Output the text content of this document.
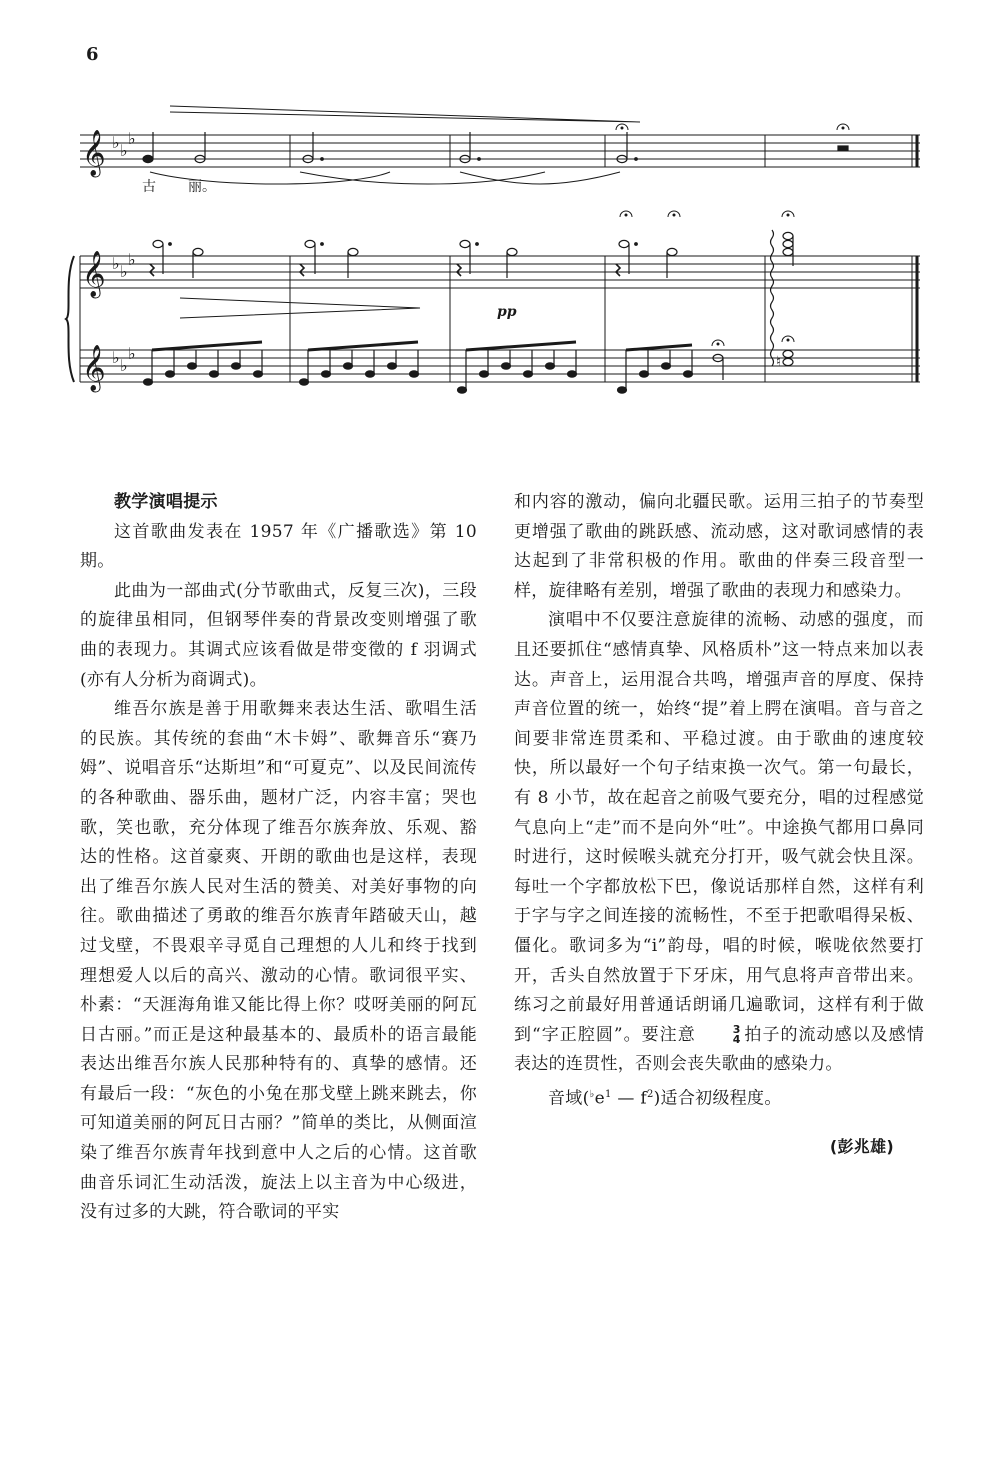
6
𝄞
𝄞
𝄞
♭ ♭
♭
♭ ♭
♭
♭ ♭
♭	♮
古 丽。
pp

教学演唱提示

这首歌曲发表在 1957 年《广播歌选》第 10 期。

此曲为一部曲式(分节歌曲式，反复三次)，三段的旋律虽相同，但钢琴伴奏的背景改变则增强了歌曲的表现力。其调式应该看做是带变徵的 f 羽调式(亦有人分析为商调式)。

维吾尔族是善于用歌舞来表达生活、歌唱生活的民族。其传统的套曲“木卡姆”、歌舞音乐“赛乃姆”、说唱音乐“达斯坦”和“可夏克”、以及民间流传的各种歌曲、器乐曲，题材广泛，内容丰富；哭也歌，笑也歌，充分体现了维吾尔族奔放、乐观、豁达的性格。这首豪爽、开朗的歌曲也是这样，表现出了维吾尔族人民对生活的赞美、对美好事物的向往。歌曲描述了勇敢的维吾尔族青年踏破天山，越过戈壁，不畏艰辛寻觅自己理想的人儿和终于找到理想爱人以后的高兴、激动的心情。歌词很平实、朴素：“天涯海角谁又能比得上你？哎呀美丽的阿瓦日古丽。”而正是这种最基本的、最质朴的语言最能表达出维吾尔族人民那种特有的、真挚的感情。还有最后一段：“灰色的小兔在那戈壁上跳来跳去，你可知道美丽的阿瓦日古丽？”简单的类比，从侧面渲染了维吾尔族青年找到意中人之后的心情。这首歌曲音乐词汇生动活泼，旋法上以主音为中心级进，没有过多的大跳，符合歌词的平实

和内容的激动，偏向北疆民歌。运用三拍子的节奏型更增强了歌曲的跳跃感、流动感，这对歌词感情的表达起到了非常积极的作用。歌曲的伴奏三段音型一样，旋律略有差别，增强了歌曲的表现力和感染力。

演唱中不仅要注意旋律的流畅、动感的强度，而且还要抓住“感情真挚、风格质朴”这一特点来加以表达。声音上，运用混合共鸣，增强声音的厚度、保持声音位置的统一，始终“提”着上腭在演唱。音与音之间要非常连贯柔和、平稳过渡。由于歌曲的速度较快，所以最好一个句子结束换一次气。第一句最长，有 8 小节，故在起音之前吸气要充分，唱的过程感觉气息向上“走”而不是向外“吐”。中途换气都用口鼻同时进行，这时候喉头就充分打开，吸气就会快且深。每吐一个字都放松下巴，像说话那样自然，这样有利于字与字之间连接的流畅性，不至于把歌唱得呆板、僵化。歌词多为“i”韵母，唱的时候，喉咙依然要打开，舌头自然放置于下牙床，用气息将声音带出来。练习之前最好用普通话朗诵几遍歌词，这样有利于做到“字正腔圆”。要注意	3
4 拍子的流动感以及感情表达的连贯性，否则会丧失歌曲的感染力。

音域($^♭e^1$ — $f^2$)适合初级程度。

(彭兆雄)
